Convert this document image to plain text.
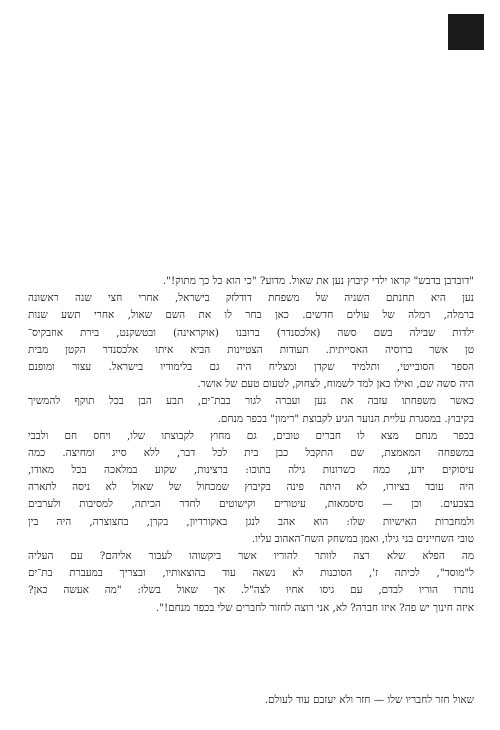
"דובדבן בדבש" קראו ילדי קיבוץ נען את שאול. מדוע? "כי הוא כל כך מתוק!".
נען היא תחנתם השניה של משפחת דודלזק בישראל, אחרי חצי שנה ראשונה
ברמלה, רמלה של עולים חדשים. כאן בחר לו את השם שאול, אחרי תשע שנות
ילדות שבילה בשם סשה (אלכסנדר) ברובנו (אוקראינה) ובטשקנט, בירת אוזבקיס־
טן אשר ברוסיה האסייתית. תעודות הצטיינות הביא איתו אלכסנדר הקטן מבית
הספר הסובייטי, ותלמיד שקדן ומצליח היה גם בלימודיו בישראל. עצור ומופנם
היה סשה שם, ואילו כאן למד לשמוח, לצחוק, לטעום טעם של אושר.
כאשר משפחתו עזבה את נען ועברה לגור בבת־ים, תבע הבן בכל תוקף להמשיך
בקיבוץ. במסגרת עליית הנוער הגיע לקבוצת "רימון" בכפר מנחם.
בכפר מנחם מצא לו חברים טובים, גם מחוץ לקבוצתו שלו, ויחס חם ולבבי
במשפחה המאמצת, שם התקבל כבן בית לכל דבר, ללא סייג ומחיצה. כמה
עיסוקים ידע, כמה כשרונות גילה בתוכו: ברצינות, שקוע במלאכה בכל מאודו,
היה עובד בציורו, לא היתה פינה בקיבוץ שמכחול של שאול לא ניסה לתארה
בצבעים. וכן — סיסמאות, עיטורים וקישוטים לחדר הכיתה, למסיבות ולערבים
ולמחברות האישיות שלו: הוא אהב לנגן באקורדיון, בקרן, בחצוצרה, היה בין
טובי השחיינים בני גילו, ואמן במשחק השח־האהוב עליו.
מה הפלא שלא רצה לוותר להוריו אשר ביקשוהו לעבור אליהם? עם העליה
ל"מוסד", לכיתה ז', הסוכנות לא נשאה עוד בהוצאותיו, ובצריך במעברת בת־ים
נותרו הוריו לבדם, עם גיסו אחיו לצה"ל. אך שאול בשלו: "מה אעשה כאן?
איזה חינוך יש פה? איזו חברה? לא, אני רוצה לחזור לחברים שלי בכפר מנחם!".
שאול חזר לחבריו שלו — חזר ולא יעזבם עוד לעולם.
